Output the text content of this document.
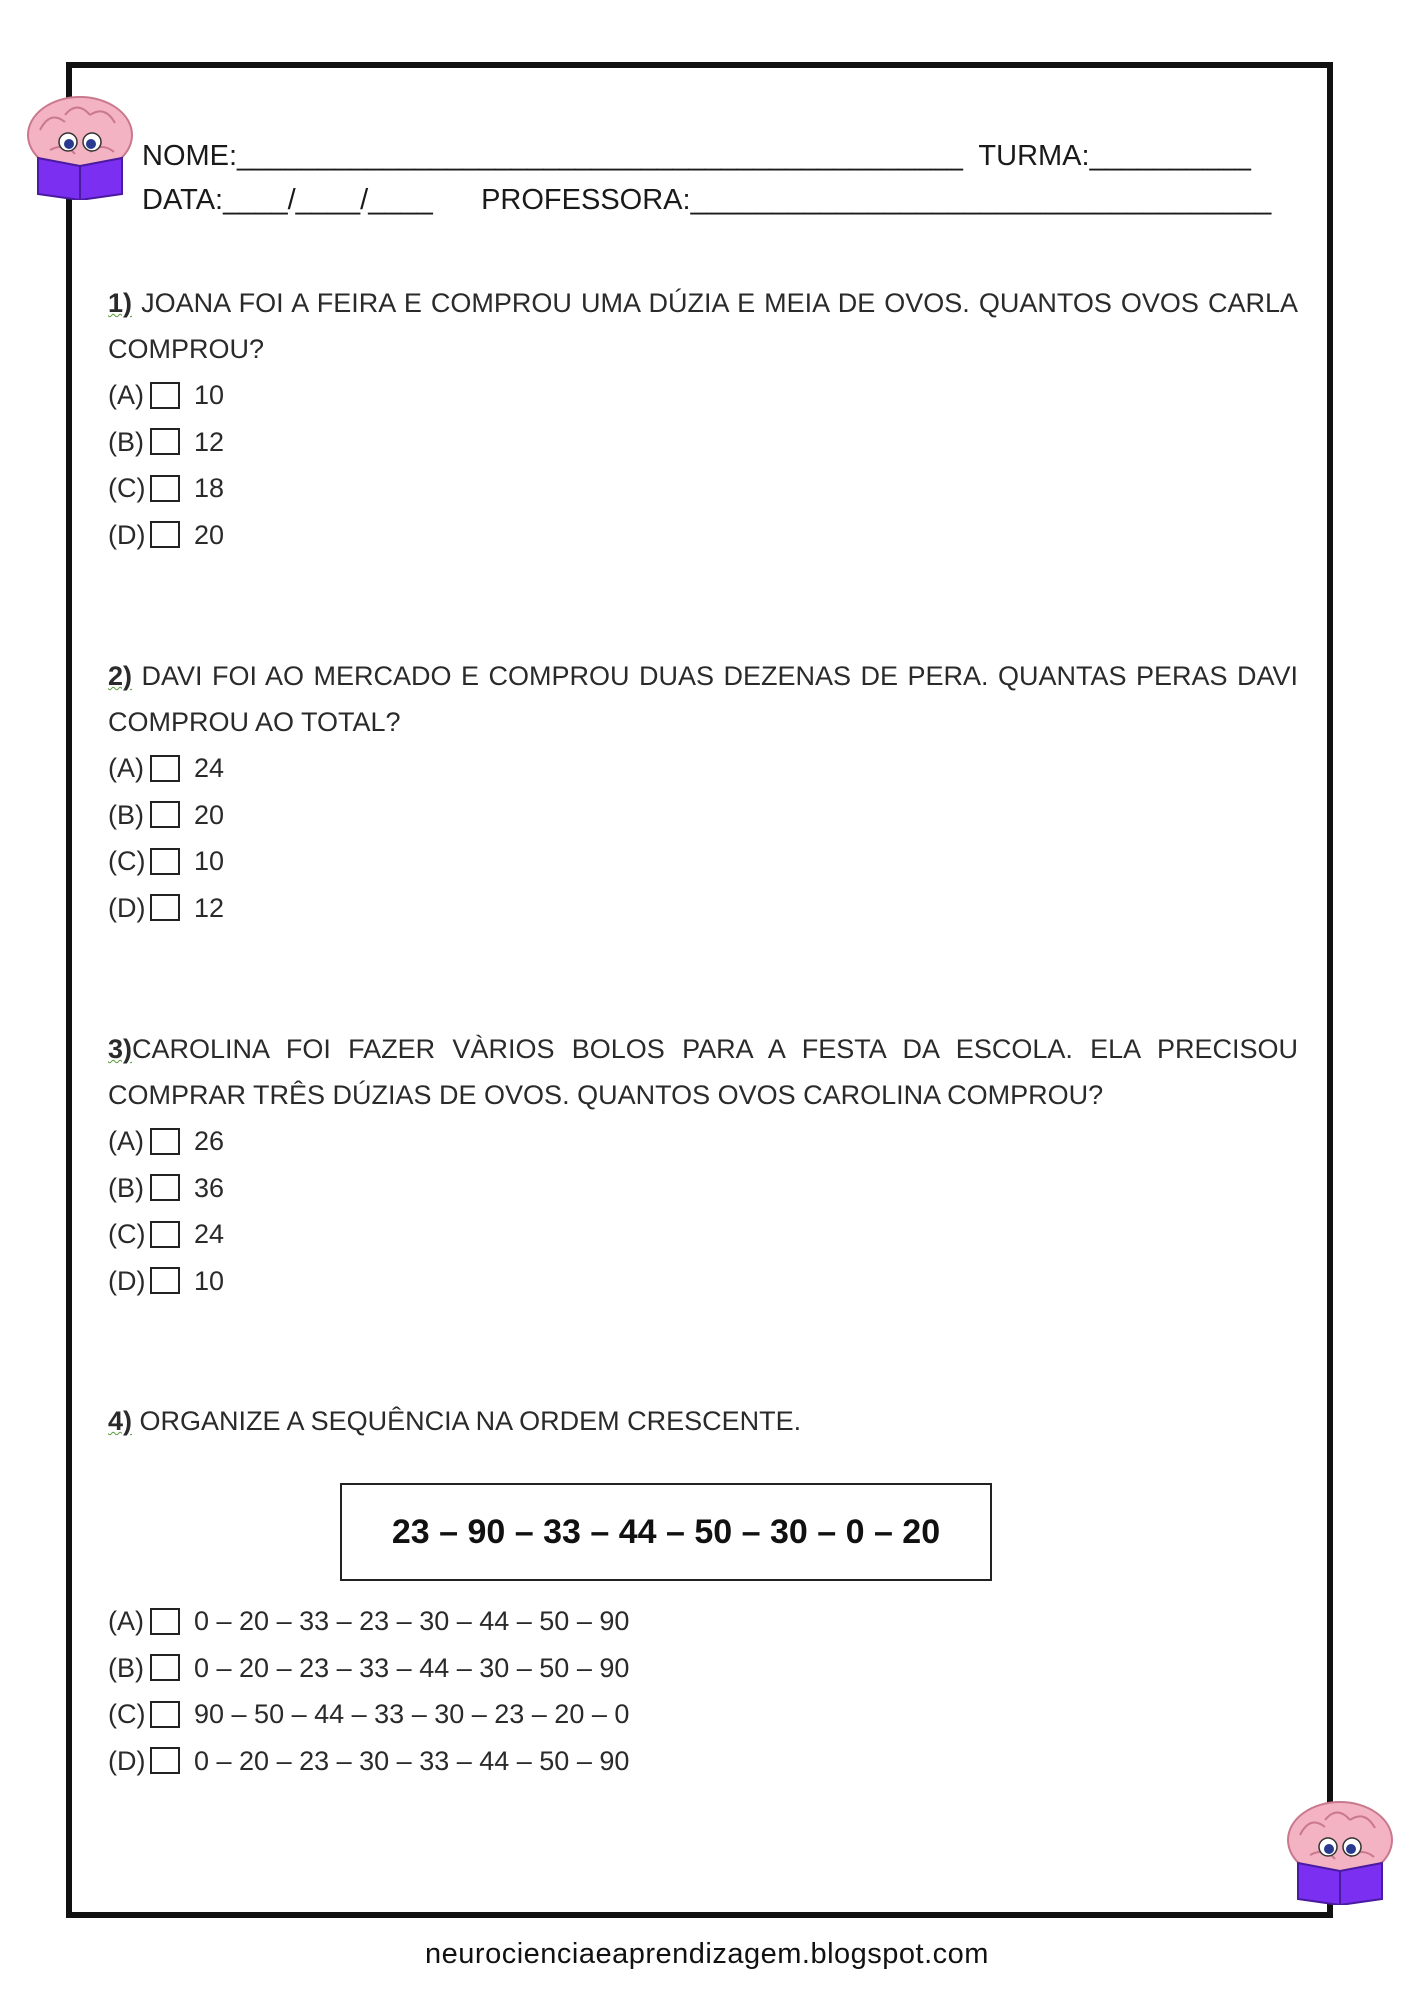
NOME:_____________________________________________  TURMA:__________
DATA:____/____/____      PROFESSORA:____________________________________
1) JOANA FOI A FEIRA E COMPROU UMA DÚZIA E MEIA DE OVOS. QUANTOS OVOS CARLA COMPROU?
(A) 10
(B) 12
(C) 18
(D) 20
2) DAVI FOI AO MERCADO E COMPROU DUAS DEZENAS DE PERA. QUANTAS PERAS DAVI COMPROU AO TOTAL?
(A) 24
(B) 20
(C) 10
(D) 12
3)CAROLINA FOI FAZER VÀRIOS BOLOS PARA A FESTA DA ESCOLA. ELA PRECISOU COMPRAR TRÊS DÚZIAS DE OVOS. QUANTOS OVOS CAROLINA COMPROU?
(A) 26
(B) 36
(C) 24
(D) 10
4) ORGANIZE A SEQUÊNCIA NA ORDEM CRESCENTE.
23 – 90 – 33 – 44 – 50 – 30 – 0 – 20
(A) 0 – 20 – 33 – 23 – 30 – 44 – 50 – 90
(B) 0 – 20 – 23 – 33 – 44 – 30 – 50 – 90
(C) 90 – 50 – 44 – 33 – 30 – 23 – 20 – 0
(D) 0 – 20 – 23 – 30 – 33 – 44 – 50 – 90
neurocienciaeaprendizagem.blogspot.com
